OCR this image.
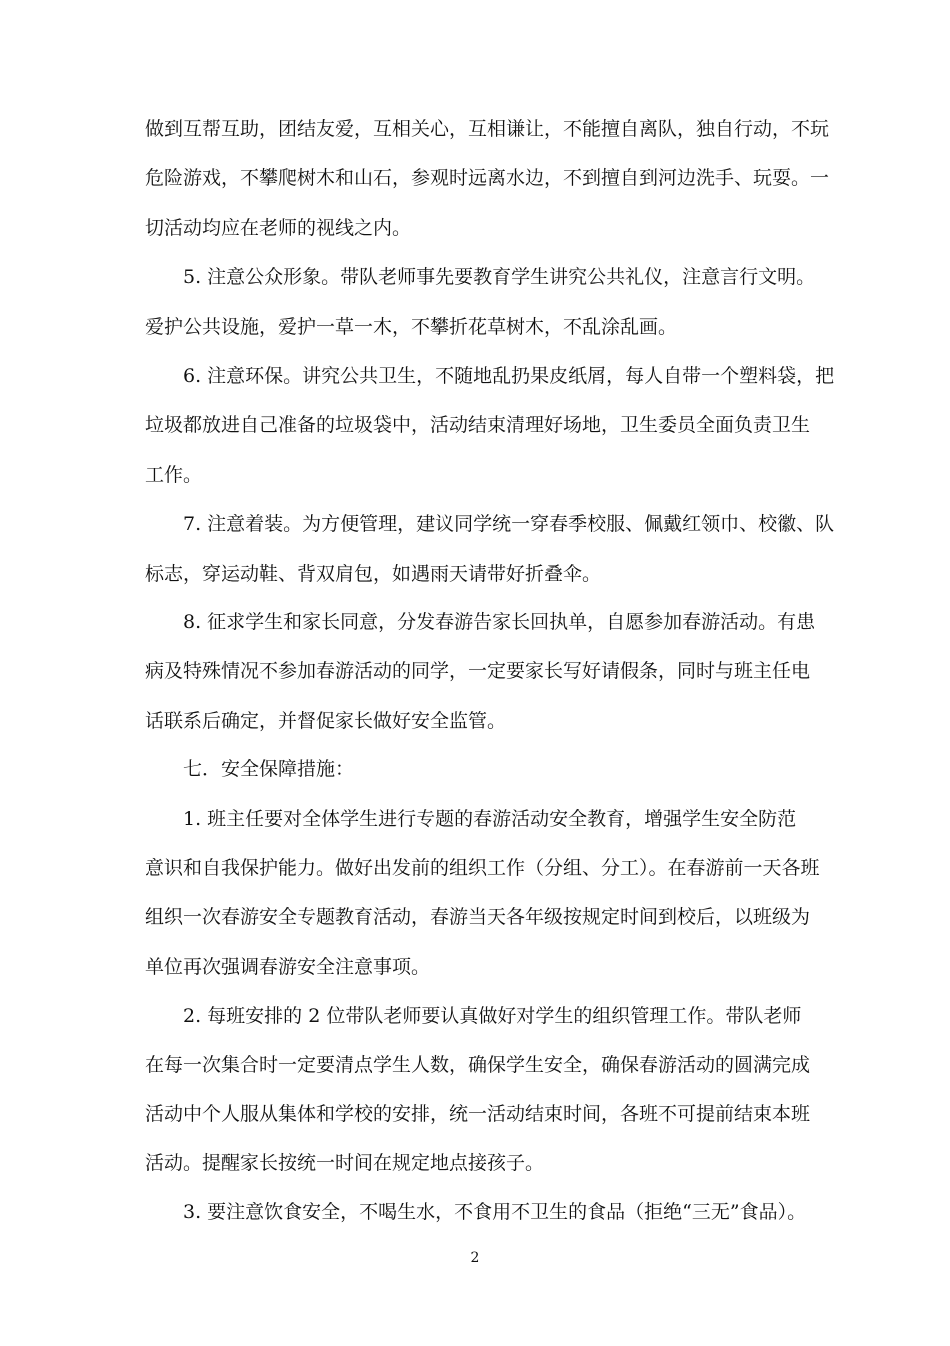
做到互帮互助，团结友爱，互相关心，互相谦让，不能擅自离队，独自行动，不玩
危险游戏，不攀爬树木和山石，参观时远离水边，不到擅自到河边洗手、玩耍。一
切活动均应在老师的视线之内。
5. 注意公众形象。带队老师事先要教育学生讲究公共礼仪，注意言行文明。
爱护公共设施，爱护一草一木，不攀折花草树木，不乱涂乱画。
6. 注意环保。讲究公共卫生，不随地乱扔果皮纸屑，每人自带一个塑料袋，把
垃圾都放进自己准备的垃圾袋中，活动结束清理好场地，卫生委员全面负责卫生
工作。
7. 注意着装。为方便管理，建议同学统一穿春季校服、佩戴红领巾、校徽、队
标志，穿运动鞋、背双肩包，如遇雨天请带好折叠伞。
8. 征求学生和家长同意，分发春游告家长回执单，自愿参加春游活动。有患
病及特殊情况不参加春游活动的同学，一定要家长写好请假条，同时与班主任电
话联系后确定，并督促家长做好安全监管。
七．安全保障措施：
1. 班主任要对全体学生进行专题的春游活动安全教育，增强学生安全防范
意识和自我保护能力。做好出发前的组织工作（分组、分工）。在春游前一天各班
组织一次春游安全专题教育活动，春游当天各年级按规定时间到校后，以班级为
单位再次强调春游安全注意事项。
2. 每班安排的 2 位带队老师要认真做好对学生的组织管理工作。带队老师
在每一次集合时一定要清点学生人数，确保学生安全，确保春游活动的圆满完成
活动中个人服从集体和学校的安排，统一活动结束时间，各班不可提前结束本班
活动。提醒家长按统一时间在规定地点接孩子。
3. 要注意饮食安全，不喝生水，不食用不卫生的食品（拒绝“三无”食品）。
2
